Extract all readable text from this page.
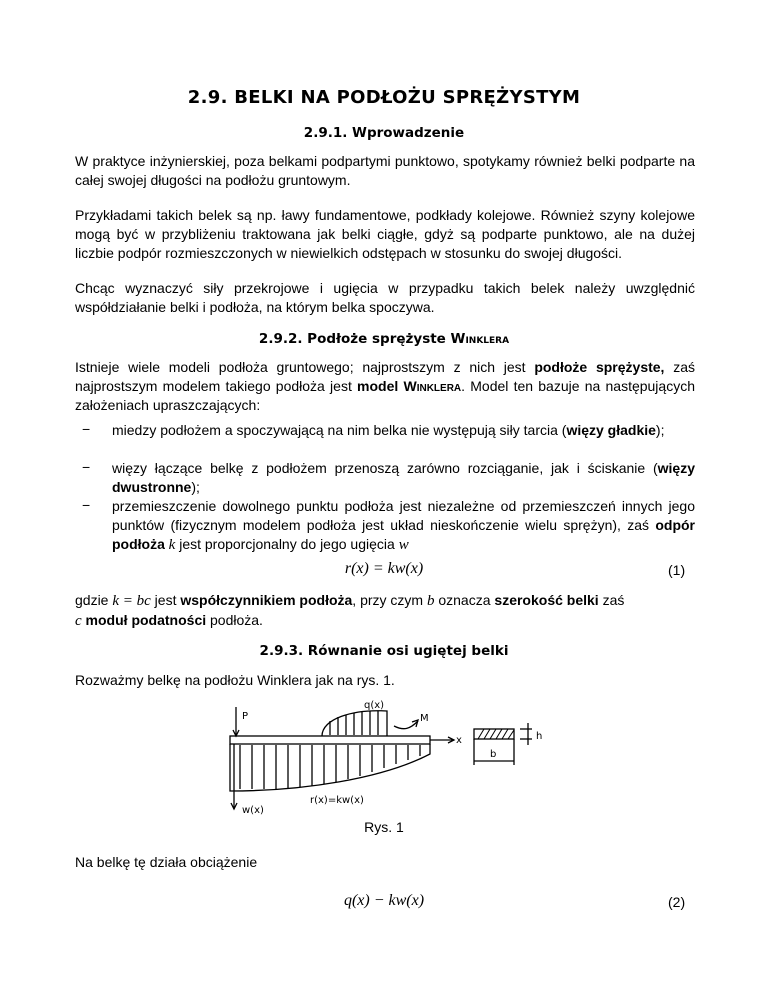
2.9. BELKI NA PODŁOŻU SPRĘŻYSTYM
2.9.1. Wprowadzenie

W praktyce inżynierskiej, poza belkami podpartymi punktowo, spotykamy również belki podparte na całej swojej długości na podłożu gruntowym.

Przykładami takich belek są np. ławy fundamentowe, podkłady kolejowe. Również szyny kolejowe mogą być w przybliżeniu traktowana jak belki ciągłe, gdyż są podparte punktowo, ale na dużej liczbie podpór rozmieszczonych w niewielkich odstępach w stosunku do swojej długości.

Chcąc wyznaczyć siły przekrojowe i ugięcia w przypadku takich belek należy uwzględnić współdziałanie belki i podłoża, na którym belka spoczywa.

2.9.2. Podłoże sprężyste Winklera

Istnieje wiele modeli podłoża gruntowego; najprostszym z nich jest podłoże sprężyste, zaś najprostszym modelem takiego podłoża jest model Winklera. Model ten bazuje na następujących założeniach upraszczających:

− miedzy podłożem a spoczywającą na nim belka nie występują siły tarcia (więzy gładkie);

− więzy łączące belkę z podłożem przenoszą zarówno rozciąganie, jak i ściskanie (więzy dwustronne);

− przemieszczenie dowolnego punktu podłoża jest niezależne od przemieszczeń innych jego punktów (fizycznym modelem podłoża jest układ nieskończenie wielu sprężyn), zaś odpór podłoża k jest proporcjonalny do jego ugięcia w

r(x) = kw(x)	(1)

gdzie k = bc jest współczynnikiem podłoża, przy czym b oznacza szerokość belki zaś
c moduł podatności podłoża.

2.9.3. Równanie osi ugiętej belki

Rozważmy belkę na podłożu Winklera jak na rys. 1.

P
q(x)
M
x	h
b
r(x)=kw(x)
w(x)
Rys. 1

Na belkę tę działa obciążenie

q(x) − kw(x)	(2)
